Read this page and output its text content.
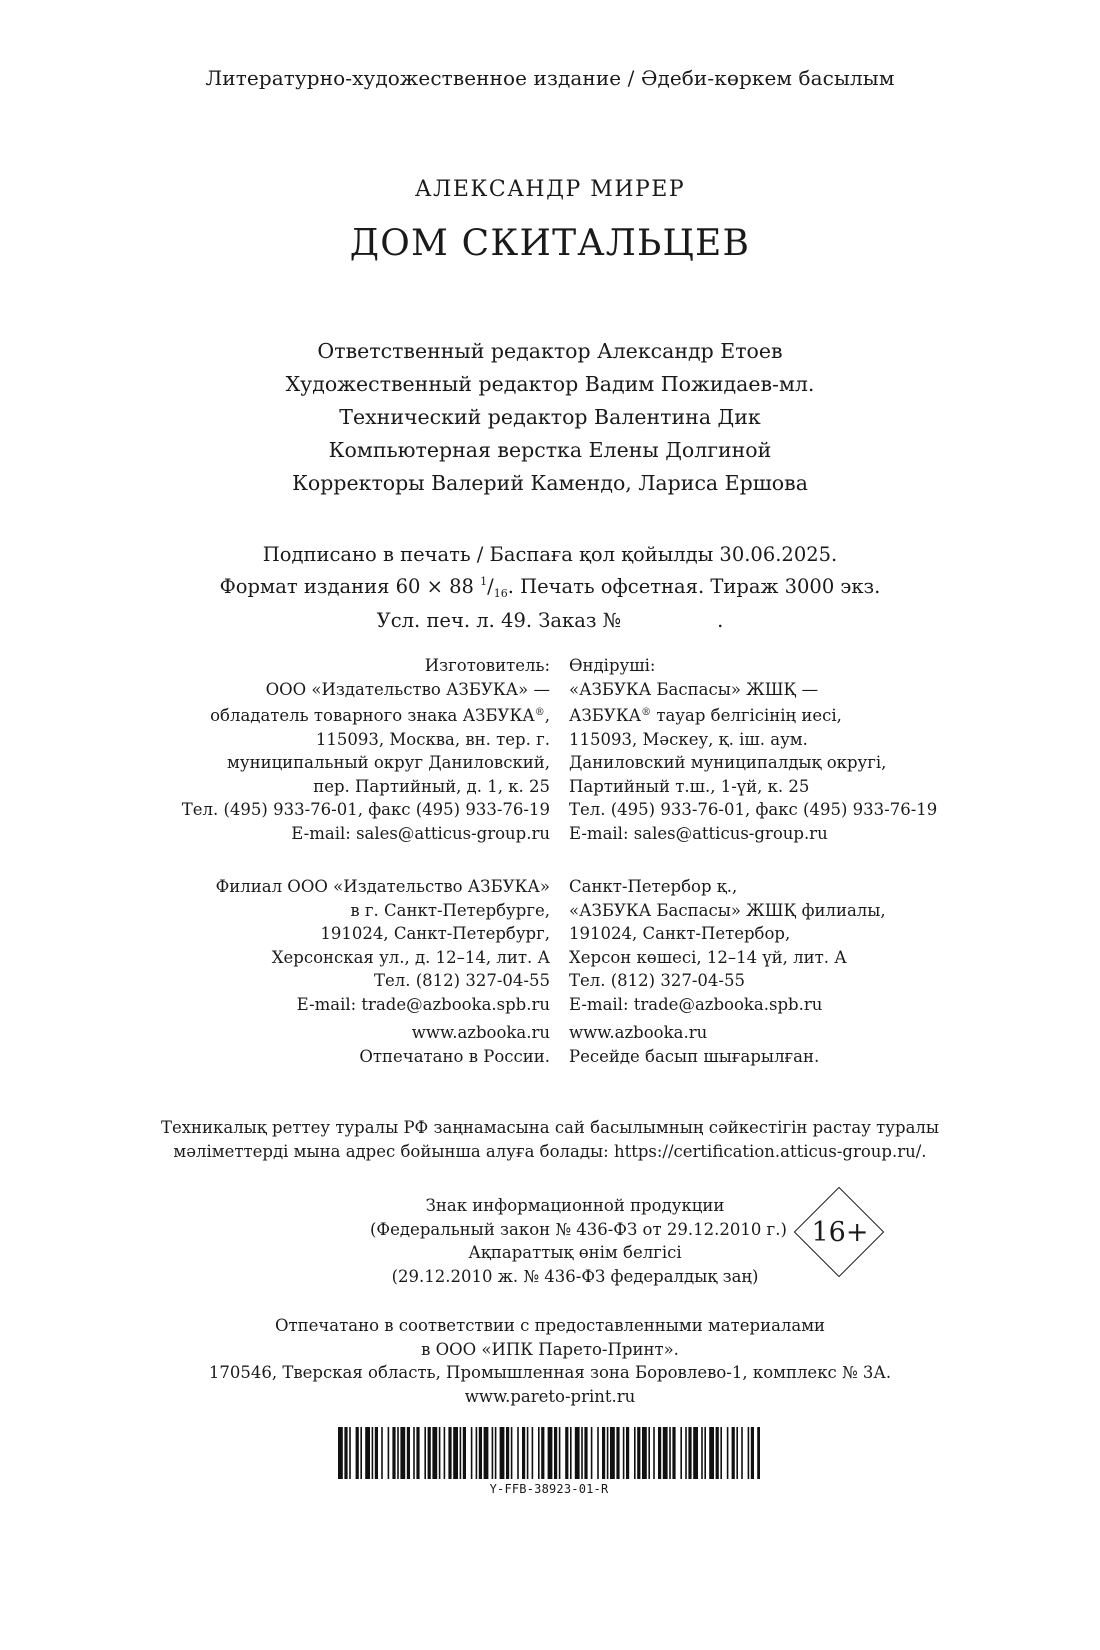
Литературно-художественное издание / Әдеби-көркем басылым
АЛЕКСАНДР МИРЕР
ДОМ СКИТАЛЬЦЕВ
Ответственный редактор Александр Етоев
Художественный редактор Вадим Пожидаев-мл.
Технический редактор Валентина Дик
Компьютерная верстка Елены Долгиной
Корректоры Валерий Камендо, Лариса Ершова
Подписано в печать / Баспаға қол қойылды 30.06.2025.
Формат издания 60 × 88 $^1/_{16}$. Печать офсетная. Тираж 3000 экз.
Усл. печ. л. 49. Заказ №	.
Изготовитель:
ООО «Издательство АЗБУКА» —
обладатель товарного знака АЗБУКА®,
115093, Москва, вн. тер. г.
муниципальный округ Даниловский,
пер. Партийный, д. 1, к. 25
Тел. (495) 933-76-01, факс (495) 933-76-19
E-mail: sales@atticus-group.ru
Өндіруші:
«АЗБУКА Баспасы» ЖШҚ —
АЗБУКА® тауар белгісінің иесі,
115093, Мәскеу, қ. іш. аум.
Даниловский муниципалдық округі,
Партийный т.ш., 1-үй, к. 25
Тел. (495) 933-76-01, факс (495) 933-76-19
E-mail: sales@atticus-group.ru
Филиал ООО «Издательство АЗБУКА»
в г. Санкт-Петербурге,
191024, Санкт-Петербург,
Херсонская ул., д. 12–14, лит. А
Тел. (812) 327-04-55
E-mail: trade@azbooka.spb.ru
Санкт-Петербор қ.,
«АЗБУКА Баспасы» ЖШҚ филиалы,
191024, Санкт-Петербор,
Херсон көшесі, 12–14 үй, лит. А
Тел. (812) 327-04-55
E-mail: trade@azbooka.spb.ru
www.azbooka.ru
Отпечатано в России.
www.azbooka.ru
Ресейде басып шығарылған.
Техникалық реттеу туралы РФ заңнамасына сай басылымның сәйкестігін растау туралы
мәліметтерді мына адрес бойынша алуға болады: https://certification.atticus-group.ru/.
Знак информационной продукции
(Федеральный закон № 436-ФЗ от 29.12.2010 г.)
Ақпараттық өнім белгісі
(29.12.2010 ж. № 436-ФЗ федералдық заң)
16+
Отпечатано в соответствии с предоставленными материалами
в ООО «ИПК Парето-Принт».
170546, Тверская область, Промышленная зона Боровлево-1, комплекс № 3А.
www.pareto-print.ru
Y-FFB-38923-01-R
